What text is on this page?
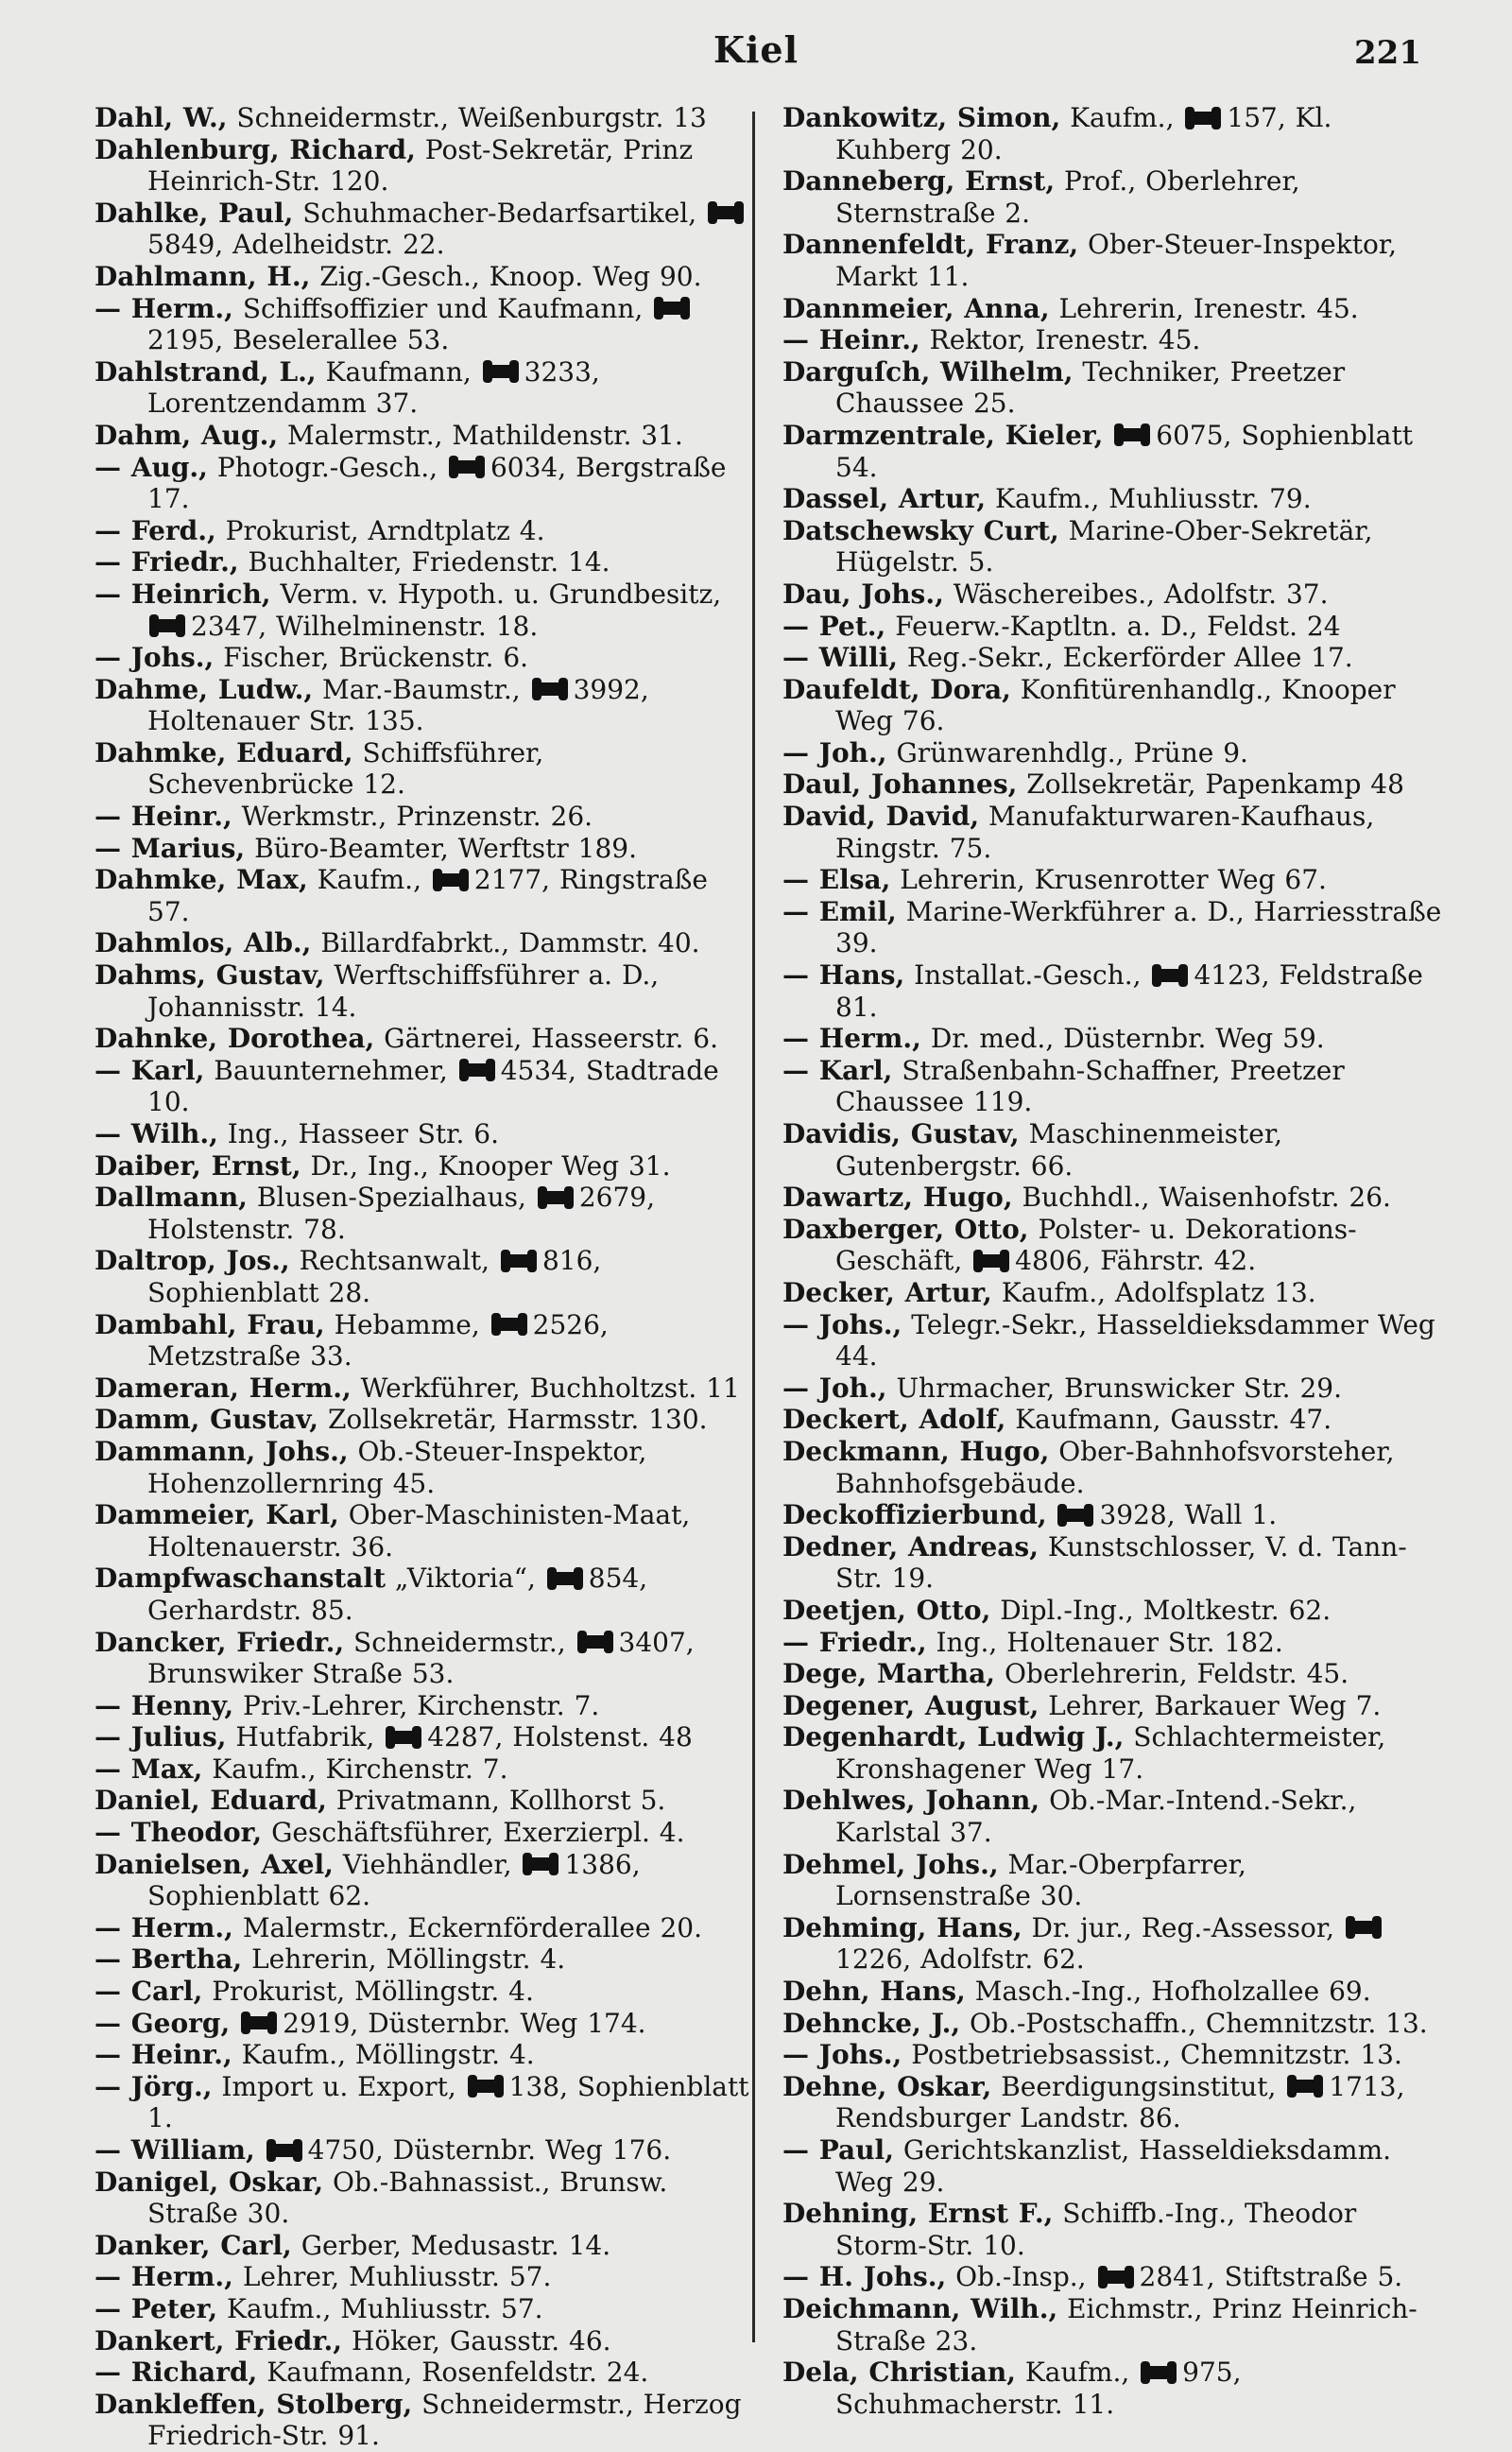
Kiel	221

Dahl, W., Schneidermstr., Weißenburgstr. 13

Dahlenburg, Richard, Post-Sekretär, Prinz Heinrich-Str. 120.

Dahlke, Paul, Schuhmacher-Bedarfsartikel, 5849, Adelheidstr. 22.

Dahlmann, H., Zig.-Gesch., Knoop. Weg 90.

— Herm., Schiffsoffizier und Kaufmann, 2195, Beselerallee 53.

Dahlstrand, L., Kaufmann, 3233, Lorentzendamm 37.

Dahm, Aug., Malermstr., Mathildenstr. 31.

— Aug., Photogr.-Gesch., 6034, Bergstraße 17.

— Ferd., Prokurist, Arndtplatz 4.

— Friedr., Buchhalter, Friedenstr. 14.

— Heinrich, Verm. v. Hypoth. u. Grundbesitz, 2347, Wilhelminenstr. 18.

— Johs., Fischer, Brückenstr. 6.

Dahme, Ludw., Mar.-Baumstr., 3992, Holtenauer Str. 135.

Dahmke, Eduard, Schiffsführer, Schevenbrücke 12.

— Heinr., Werkmstr., Prinzenstr. 26.

— Marius, Büro-Beamter, Werftstr 189.

Dahmke, Max, Kaufm., 2177, Ringstraße 57.

Dahmlos, Alb., Billardfabrkt., Dammstr. 40.

Dahms, Gustav, Werftschiffsführer a. D., Johannisstr. 14.

Dahnke, Dorothea, Gärtnerei, Hasseerstr. 6.

— Karl, Bauunternehmer, 4534, Stadtrade 10.

— Wilh., Ing., Hasseer Str. 6.

Daiber, Ernst, Dr., Ing., Knooper Weg 31.

Dallmann, Blusen-Spezialhaus, 2679, Holstenstr. 78.

Daltrop, Jos., Rechtsanwalt, 816, Sophienblatt 28.

Dambahl, Frau, Hebamme, 2526, Metzstraße 33.

Dameran, Herm., Werkführer, Buchholtzst. 11

Damm, Gustav, Zollsekretär, Harmsstr. 130.

Dammann, Johs., Ob.-Steuer-Inspektor, Hohenzollernring 45.

Dammeier, Karl, Ober-Maschinisten-Maat, Holtenauerstr. 36.

Dampfwaschanstalt „Viktoria“, 854, Gerhardstr. 85.

Dancker, Friedr., Schneidermstr., 3407, Brunswiker Straße 53.

— Henny, Priv.-Lehrer, Kirchenstr. 7.

— Julius, Hutfabrik, 4287, Holstenst. 48

— Max, Kaufm., Kirchenstr. 7.

Daniel, Eduard, Privatmann, Kollhorst 5.

— Theodor, Geschäftsführer, Exerzierpl. 4.

Danielsen, Axel, Viehhändler, 1386, Sophienblatt 62.

— Herm., Malermstr., Eckernförderallee 20.

— Bertha, Lehrerin, Möllingstr. 4.

— Carl, Prokurist, Möllingstr. 4.

— Georg, 2919, Düsternbr. Weg 174.

— Heinr., Kaufm., Möllingstr. 4.

— Jörg., Import u. Export, 138, Sophienblatt 1.

— William, 4750, Düsternbr. Weg 176.

Danigel, Oskar, Ob.-Bahnassist., Brunsw. Straße 30.

Danker, Carl, Gerber, Medusastr. 14.

— Herm., Lehrer, Muhliusstr. 57.

— Peter, Kaufm., Muhliusstr. 57.

Dankert, Friedr., Höker, Gausstr. 46.

— Richard, Kaufmann, Rosenfeldstr. 24.

Dankleffen, Stolberg, Schneidermstr., Herzog Friedrich-Str. 91.

Dankowitz, Simon, Kaufm., 157, Kl. Kuhberg 20.

Danneberg, Ernst, Prof., Oberlehrer, Sternstraße 2.

Dannenfeldt, Franz, Ober-Steuer-Inspektor, Markt 11.

Dannmeier, Anna, Lehrerin, Irenestr. 45.

— Heinr., Rektor, Irenestr. 45.

Darguſch, Wilhelm, Techniker, Preetzer Chaussee 25.

Darmzentrale, Kieler, 6075, Sophienblatt 54.

Dassel, Artur, Kaufm., Muhliusstr. 79.

Datschewsky Curt, Marine-Ober-Sekretär, Hügelstr. 5.

Dau, Johs., Wäschereibes., Adolfstr. 37.

— Pet., Feuerw.-Kaptltn. a. D., Feldst. 24

— Willi, Reg.-Sekr., Eckerförder Allee 17.

Daufeldt, Dora, Konfitürenhandlg., Knooper Weg 76.

— Joh., Grünwarenhdlg., Prüne 9.

Daul, Johannes, Zollsekretär, Papenkamp 48

David, David, Manufakturwaren-Kaufhaus, Ringstr. 75.

— Elsa, Lehrerin, Krusenrotter Weg 67.

— Emil, Marine-Werkführer a. D., Harriesstraße 39.

— Hans, Installat.-Gesch., 4123, Feldstraße 81.

— Herm., Dr. med., Düsternbr. Weg 59.

— Karl, Straßenbahn-Schaffner, Preetzer Chaussee 119.

Davidis, Gustav, Maschinenmeister, Gutenbergstr. 66.

Dawartz, Hugo, Buchhdl., Waisenhofstr. 26.

Daxberger, Otto, Polster- u. Dekorations-Geschäft, 4806, Fährstr. 42.

Decker, Artur, Kaufm., Adolfsplatz 13.

— Johs., Telegr.-Sekr., Hasseldieksdammer Weg 44.

— Joh., Uhrmacher, Brunswicker Str. 29.

Deckert, Adolf, Kaufmann, Gausstr. 47.

Deckmann, Hugo, Ober-Bahnhofsvorsteher, Bahnhofsgebäude.

Deckoffizierbund, 3928, Wall 1.

Dedner, Andreas, Kunstschlosser, V. d. Tann-Str. 19.

Deetjen, Otto, Dipl.-Ing., Moltkestr. 62.

— Friedr., Ing., Holtenauer Str. 182.

Dege, Martha, Oberlehrerin, Feldstr. 45.

Degener, August, Lehrer, Barkauer Weg 7.

Degenhardt, Ludwig J., Schlachtermeister, Kronshagener Weg 17.

Dehlwes, Johann, Ob.-Mar.-Intend.-Sekr., Karlstal 37.

Dehmel, Johs., Mar.-Oberpfarrer, Lornsenstraße 30.

Dehming, Hans, Dr. jur., Reg.-Assessor, 1226, Adolfstr. 62.

Dehn, Hans, Masch.-Ing., Hofholzallee 69.

Dehncke, J., Ob.-Postschaffn., Chemnitzstr. 13.

— Johs., Postbetriebsassist., Chemnitzstr. 13.

Dehne, Oskar, Beerdigungsinstitut, 1713, Rendsburger Landstr. 86.

— Paul, Gerichtskanzlist, Hasseldieksdamm. Weg 29.

Dehning, Ernst F., Schiffb.-Ing., Theodor Storm-Str. 10.

— H. Johs., Ob.-Insp., 2841, Stiftstraße 5.

Deichmann, Wilh., Eichmstr., Prinz Heinrich-Straße 23.

Dela, Christian, Kaufm., 975, Schuhmacherstr. 11.
